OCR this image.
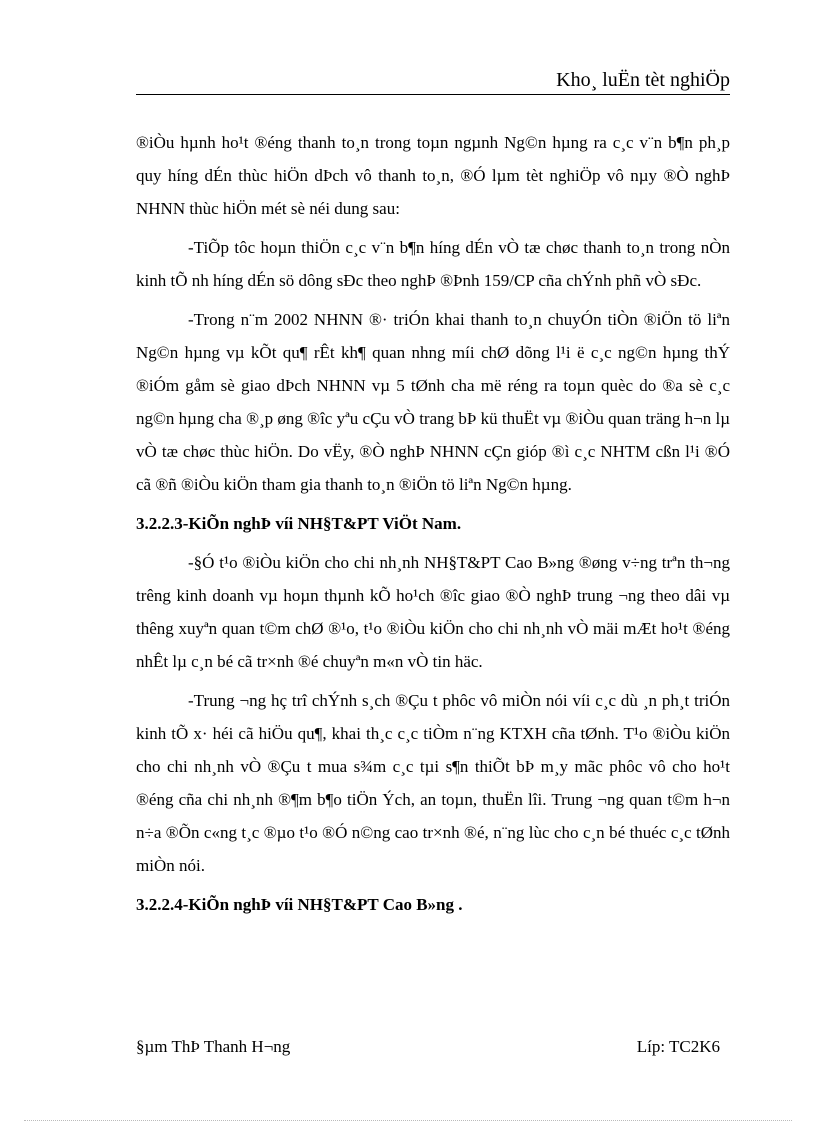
Kho¸ luËn tèt nghiÖp

®iÒu hµnh ho¹t ®éng thanh to¸n trong toµn ngµnh Ng©n hµng ra c¸c v¨n b¶n ph¸p quy híng dÉn thùc hiÖn dÞch vô thanh to¸n, ®Ó lµm tèt nghiÖp vô nµy ®Ò nghÞ NHNN thùc hiÖn mét sè néi dung sau:

-TiÕp tôc hoµn thiÖn c¸c v¨n b¶n híng dÉn vÒ tæ chøc thanh to¸n trong nÒn kinh tÕ nh híng dÉn sö dông sÐc theo nghÞ ®Þnh 159/CP cña chÝnh phñ vÒ sÐc.

-Trong n¨m 2002 NHNN ®· triÓn khai thanh to¸n chuyÓn tiÒn ®iÖn tö liªn Ng©n hµng vµ kÕt qu¶ rÊt kh¶ quan nhng míi chØ dõng l¹i ë c¸c ng©n hµng thÝ ®iÓm gåm sè giao dÞch NHNN vµ 5 tØnh cha më réng ra toµn quèc do ®a sè c¸c ng©n hµng cha ®¸p øng ®îc yªu cÇu vÒ trang bÞ kü thuËt vµ ®iÒu quan träng h¬n lµ vÒ tæ chøc thùc hiÖn. Do vËy, ®Ò nghÞ NHNN cÇn gióp ®ì c¸c NHTM cßn l¹i ®Ó cã ®ñ ®iÒu kiÖn tham gia thanh to¸n ®iÖn tö liªn Ng©n hµng.

3.2.2.3-KiÕn nghÞ víi NH§T&PT ViÖt Nam.

-§Ó t¹o ®iÒu kiÖn cho chi nh¸nh NH§T&PT Cao B»ng ®øng v÷ng trªn th¬ng trêng kinh doanh vµ hoµn thµnh kÕ ho¹ch ®îc giao ®Ò nghÞ trung ¬ng theo dâi vµ thêng xuyªn quan t©m chØ ®¹o, t¹o ®iÒu kiÖn cho chi nh¸nh vÒ mäi mÆt ho¹t ®éng nhÊt lµ c¸n bé cã tr×nh ®é chuyªn m«n vÒ tin häc.

-Trung ¬ng hç trî chÝnh s¸ch ®Çu t phôc vô miÒn nói víi c¸c dù ¸n ph¸t triÓn kinh tÕ x· héi cã hiÖu qu¶, khai th¸c c¸c tiÒm n¨ng KTXH cña tØnh. T¹o ®iÒu kiÖn cho chi nh¸nh vÒ ®Çu t mua s¾m c¸c tµi s¶n thiÕt bÞ m¸y mãc phôc vô cho ho¹t ®éng cña chi nh¸nh ®¶m b¶o tiÖn Ých, an toµn, thuËn lîi. Trung ¬ng quan t©m h¬n n÷a ®Õn c«ng t¸c ®µo t¹o ®Ó n©ng cao tr×nh ®é, n¨ng lùc cho c¸n bé thuéc c¸c tØnh miÒn nói.

3.2.2.4-KiÕn nghÞ víi NH§T&PT Cao B»ng .
§µm ThÞ Thanh H¬ng	Líp: TC2K6
